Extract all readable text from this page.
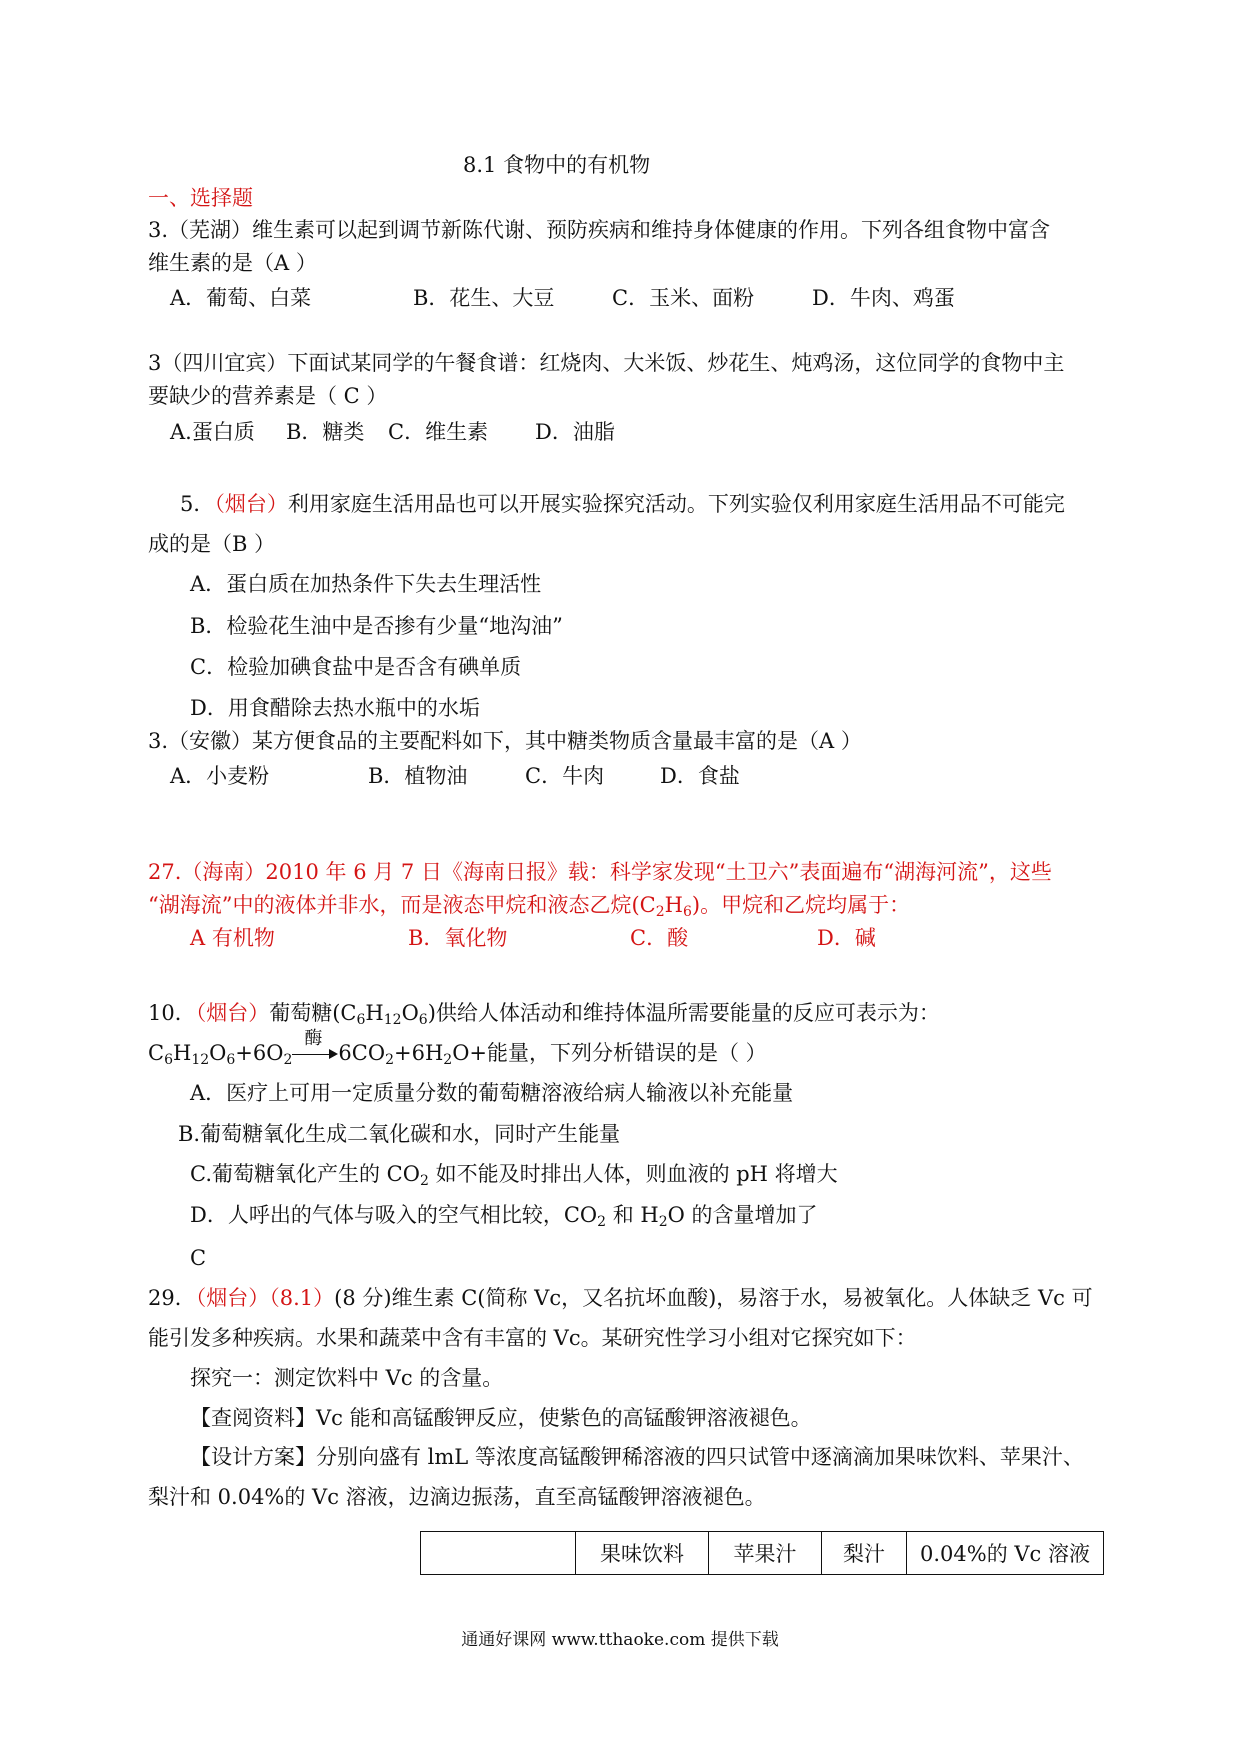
8.1 食物中的有机物
一、选择题
3.（芜湖）维生素可以起到调节新陈代谢、预防疾病和维持身体健康的作用。下列各组食物中富含
维生素的是（A ）
A．葡萄、白菜	B．花生、大豆	C．玉米、面粉	D．牛肉、鸡蛋
3（四川宜宾）下面试某同学的午餐食谱：红烧肉、大米饭、炒花生、炖鸡汤，这位同学的食物中主
要缺少的营养素是（ C ）
A.蛋白质 B．糖类 C．维生素 D．油脂
5．（烟台）利用家庭生活用品也可以开展实验探究活动。下列实验仅利用家庭生活用品不可能完
成的是（B ）
A．蛋白质在加热条件下失去生理活性
B．检验花生油中是否掺有少量“地沟油”
C．检验加碘食盐中是否含有碘单质
D．用食醋除去热水瓶中的水垢
3.（安徽）某方便食品的主要配料如下，其中糖类物质含量最丰富的是（A ）
A．小麦粉	B．植物油	C．牛肉	D．食盐
27.（海南）2010 年 6 月 7 日《海南日报》载：科学家发现“土卫六”表面遍布“湖海河流”，这些
“湖海流”中的液体并非水，而是液态甲烷和液态乙烷$(C_2H_6)$。甲烷和乙烷均属于：
A 有机物	B．氧化物	C．酸	D．碱
10．（烟台）葡萄糖$(C_6H_{12}O_6)$供给人体活动和维持体温所需要能量的反应可表示为：
$C_6H_{12}O_6+6O_2$
酶
$6CO_2+6H_2O+$能量，下列分析错误的是（ ）
A．医疗上可用一定质量分数的葡萄糖溶液给病人输液以补充能量
B.葡萄糖氧化生成二氧化碳和水，同时产生能量
C.葡萄糖氧化产生的 $CO_2$ 如不能及时排出人体，则血液的 pH 将增大
D．人呼出的气体与吸入的空气相比较，$CO_2$ 和 $H_2O$ 的含量增加了
C
29．（烟台）（8.1）(8 分)维生素 C(简称 Vc，又名抗坏血酸)，易溶于水，易被氧化。人体缺乏 Vc 可
能引发多种疾病。水果和蔬菜中含有丰富的 Vc。某研究性学习小组对它探究如下：
探究一：测定饮料中 Vc 的含量。
【查阅资料】Vc 能和高锰酸钾反应，使紫色的高锰酸钾溶液褪色。
【设计方案】分别向盛有 lmL 等浓度高锰酸钾稀溶液的四只试管中逐滴滴加果味饮料、苹果汁、
梨汁和 0.04%的 Vc 溶液，边滴边振荡，直至高锰酸钾溶液褪色。
	果味饮料	苹果汁	梨汁	0.04%的 Vc 溶液
通通好课网 www.tthaoke.com 提供下载
